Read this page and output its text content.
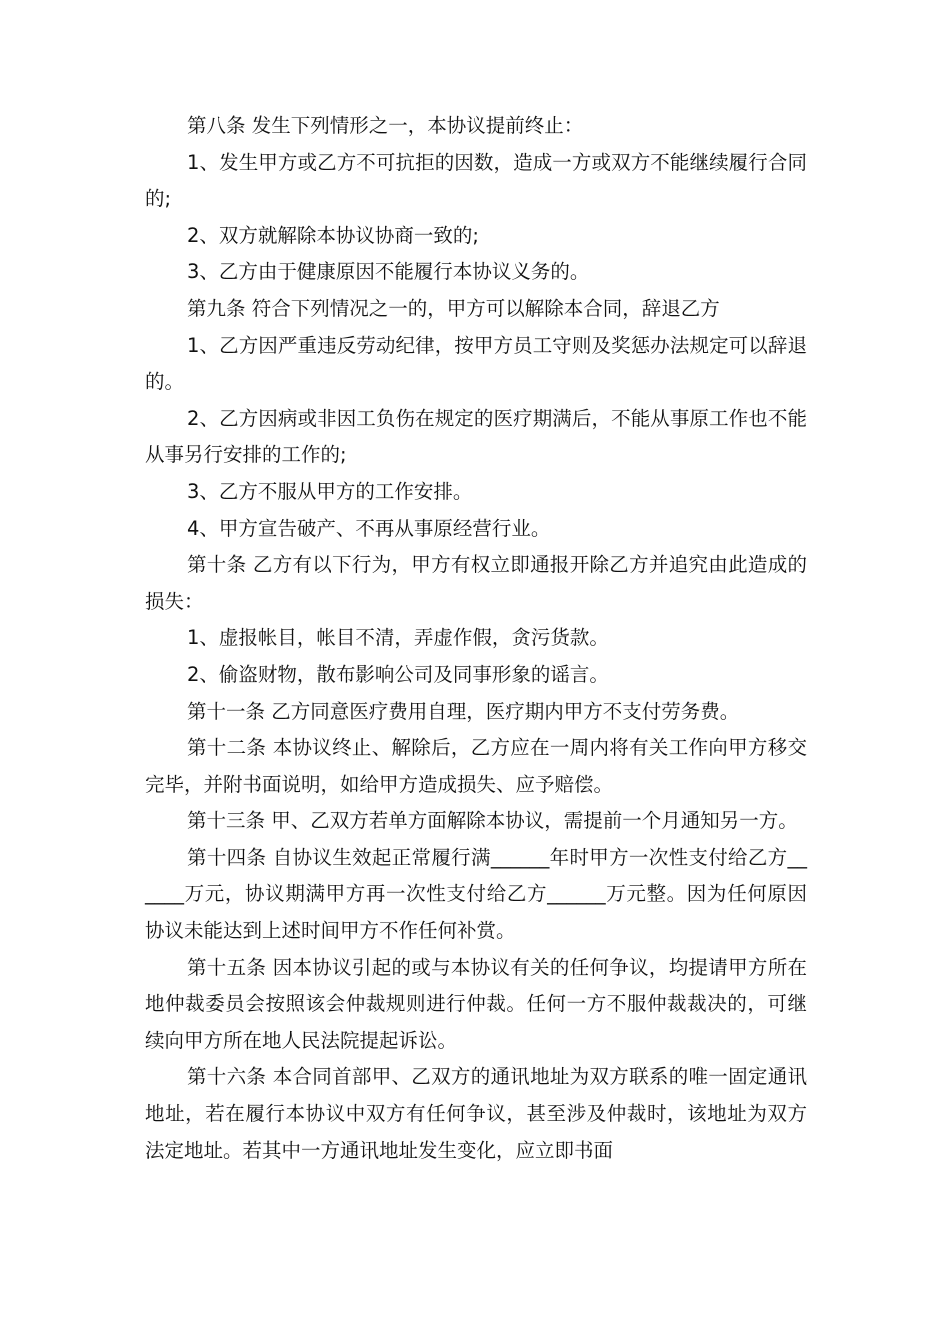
第八条 发生下列情形之一，本协议提前终止：

1、发生甲方或乙方不可抗拒的因数，造成一方或双方不能继续履行合同的;

2、双方就解除本协议协商一致的;

3、乙方由于健康原因不能履行本协议义务的。

第九条 符合下列情况之一的，甲方可以解除本合同，辞退乙方

1、乙方因严重违反劳动纪律，按甲方员工守则及奖惩办法规定可以辞退的。

2、乙方因病或非因工负伤在规定的医疗期满后，不能从事原工作也不能从事另行安排的工作的;

3、乙方不服从甲方的工作安排。

4、甲方宣告破产、不再从事原经营行业。

第十条 乙方有以下行为，甲方有权立即通报开除乙方并追究由此造成的损失：

1、虚报帐目，帐目不清，弄虚作假，贪污货款。

2、偷盗财物，散布影响公司及同事形象的谣言。

第十一条 乙方同意医疗费用自理，医疗期内甲方不支付劳务费。

第十二条 本协议终止、解除后，乙方应在一周内将有关工作向甲方移交完毕，并附书面说明，如给甲方造成损失、应予赔偿。

第十三条 甲、乙双方若单方面解除本协议，需提前一个月通知另一方。

第十四条 自协议生效起正常履行满______年时甲方一次性支付给乙方______万元，协议期满甲方再一次性支付给乙方______万元整。因为任何原因协议未能达到上述时间甲方不作任何补赏。

第十五条 因本协议引起的或与本协议有关的任何争议，均提请甲方所在地仲裁委员会按照该会仲裁规则进行仲裁。任何一方不服仲裁裁决的，可继续向甲方所在地人民法院提起诉讼。

第十六条 本合同首部甲、乙双方的通讯地址为双方联系的唯一固定通讯地址，若在履行本协议中双方有任何争议，甚至涉及仲裁时，该地址为双方法定地址。若其中一方通讯地址发生变化，应立即书面
